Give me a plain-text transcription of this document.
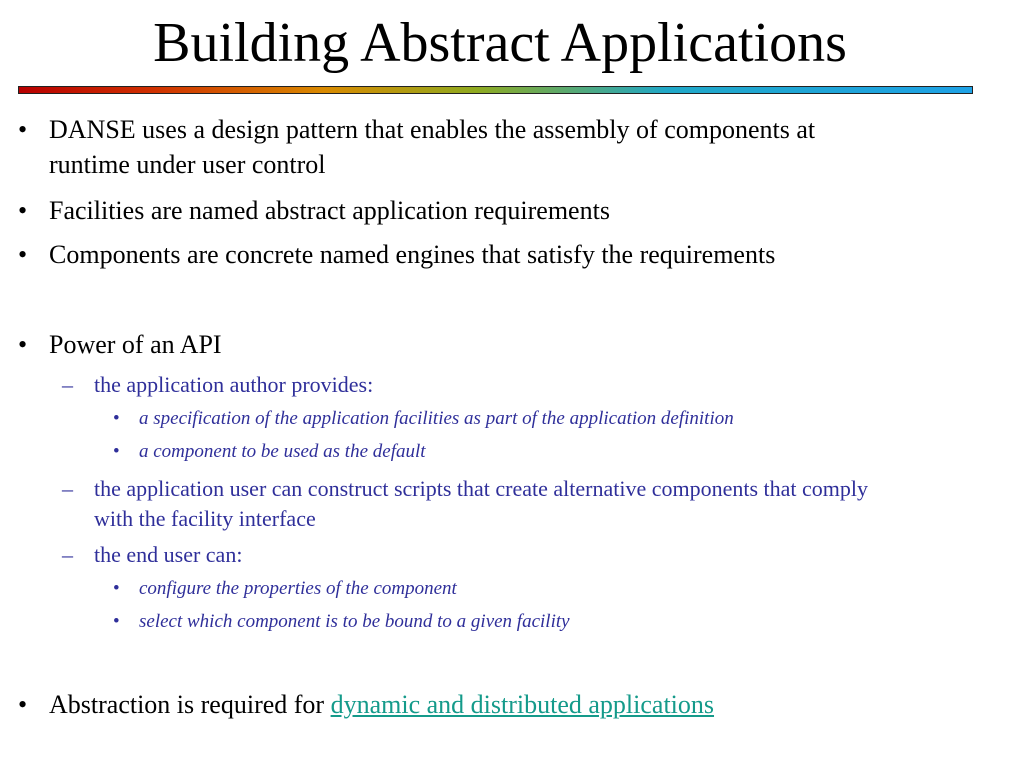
Building Abstract Applications
• DANSE uses a design pattern that enables the assembly of components at
runtime under user control
• Facilities are named abstract application requirements
• Components are concrete named engines that satisfy the requirements
• Power of an API
– the application author provides:
• a specification of the application facilities as part of the application definition
• a component to be used as the default
– the application user can construct scripts that create alternative components that comply
with the facility interface
– the end user can:
• configure the properties of the component
• select which component is to be bound to a given facility
• Abstraction is required for dynamic and distributed applications
